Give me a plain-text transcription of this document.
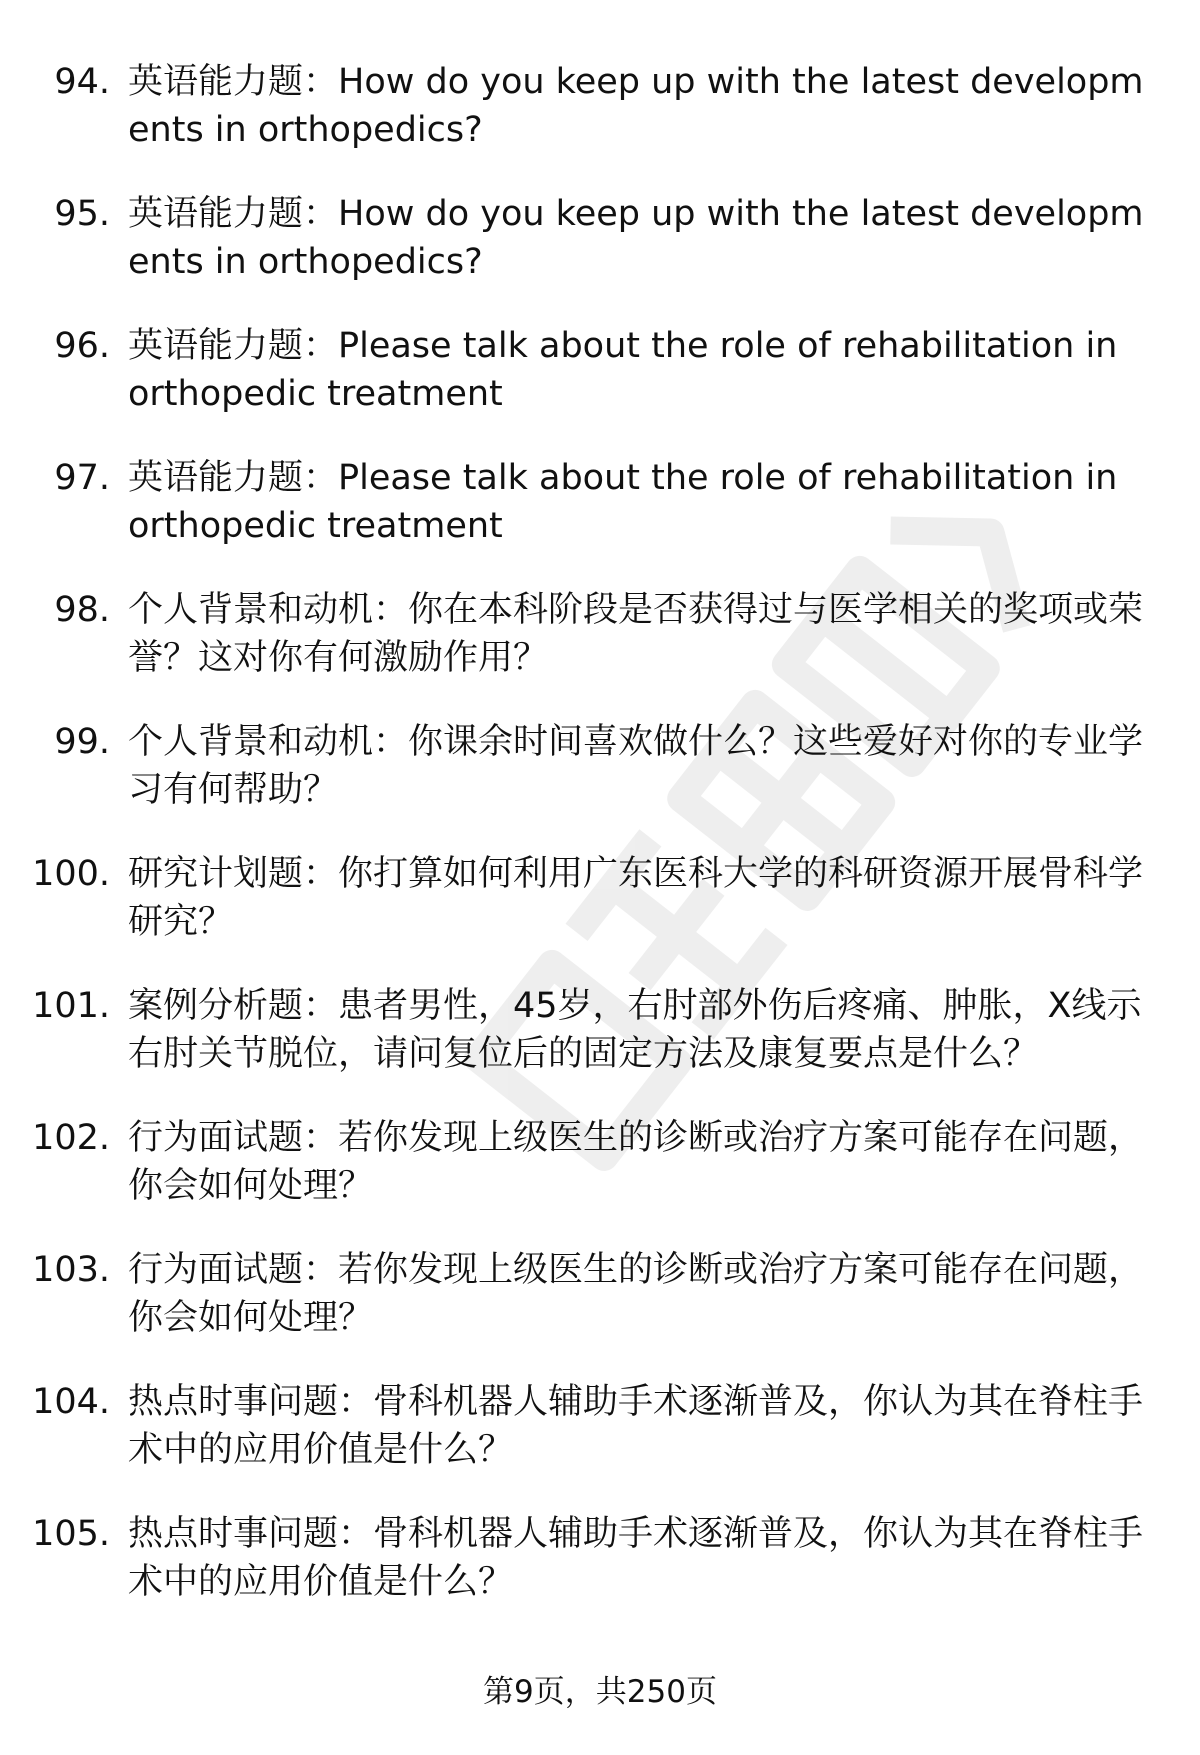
94. 英语能力题：How do you keep up with the latest developments in orthopedics?
95. 英语能力题：How do you keep up with the latest developments in orthopedics?
96. 英语能力题：Please talk about the role of rehabilitation in orthopedic treatment
97. 英语能力题：Please talk about the role of rehabilitation in orthopedic treatment
98. 个人背景和动机：你在本科阶段是否获得过与医学相关的奖项或荣誉？这对你有何激励作用？
99. 个人背景和动机：你课余时间喜欢做什么？这些爱好对你的专业学习有何帮助？
100. 研究计划题：你打算如何利用广东医科大学的科研资源开展骨科学研究？
101. 案例分析题：患者男性，45岁，右肘部外伤后疼痛、肿胀，X线示右肘关节脱位，请问复位后的固定方法及康复要点是什么？
102. 行为面试题：若你发现上级医生的诊断或治疗方案可能存在问题，你会如何处理？
103. 行为面试题：若你发现上级医生的诊断或治疗方案可能存在问题，你会如何处理？
104. 热点时事问题：骨科机器人辅助手术逐渐普及，你认为其在脊柱手术中的应用价值是什么？
105. 热点时事问题：骨科机器人辅助手术逐渐普及，你认为其在脊柱手术中的应用价值是什么？
第9页，共250页
